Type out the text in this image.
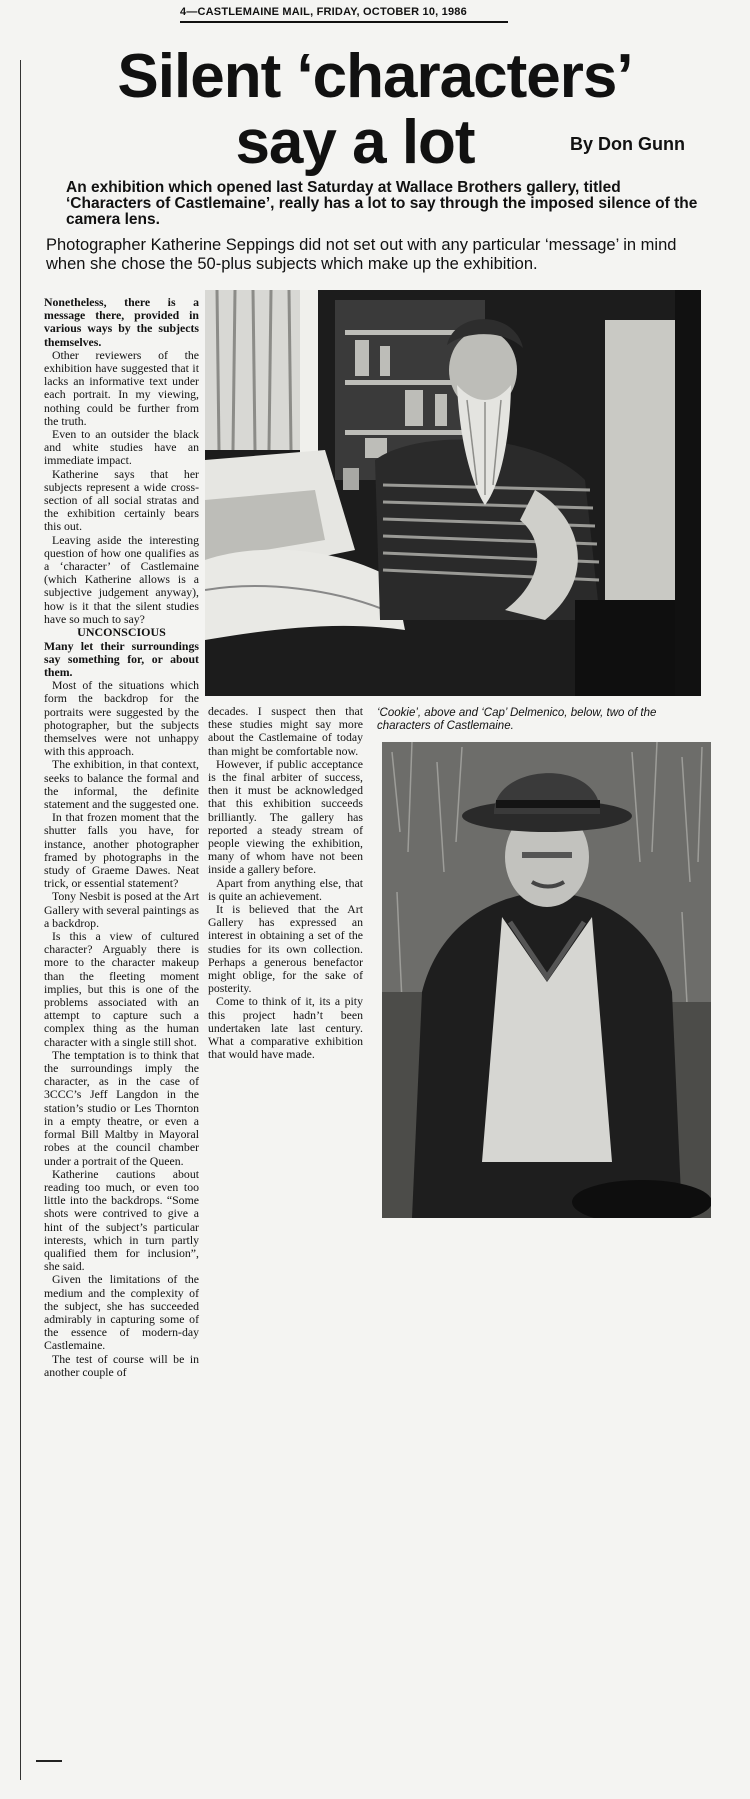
4—CASTLEMAINE MAIL, FRIDAY, OCTOBER 10, 1986
Silent ‘characters’
say a lot	By Don Gunn
An exhibition which opened last Saturday at Wallace Brothers gallery, titled ‘Characters of Castlemaine’, really has a lot to say through the imposed silence of the camera lens.
Photographer Katherine Seppings did not set out with any particular ‘message’ in mind when she chose the 50-plus subjects which make up the exhibition.

Nonetheless, there is a message there, provided in various ways by the subjects themselves.

Other reviewers of the exhibition have suggested that it lacks an informative text under each portrait. In my viewing, nothing could be further from the truth.

Even to an outsider the black and white studies have an immediate impact.

Katherine says that her subjects represent a wide cross-section of all social stratas and the exhibition certainly bears this out.

Leaving aside the interesting question of how one qualifies as a ‘character’ of Castlemaine (which Katherine allows is a subjective judgement anyway), how is it that the silent studies have so much to say?

UNCONSCIOUS

Many let their surroundings say something for, or about them.

Most of the situations which form the backdrop for the portraits were suggested by the photographer, but the subjects themselves were not unhappy with this approach.

The exhibition, in that context, seeks to balance the formal and the informal, the definite statement and the suggested one.

In that frozen moment that the shutter falls you have, for instance, another photographer framed by photographs in the study of Graeme Dawes. Neat trick, or essential statement?

Tony Nesbit is posed at the Art Gallery with several paintings as a backdrop.

Is this a view of cultured character? Arguably there is more to the character makeup than the fleeting moment implies, but this is one of the problems associated with an attempt to capture such a complex thing as the human character with a single still shot.

The temptation is to think that the surroundings imply the character, as in the case of 3CCC’s Jeff Langdon in the station’s studio or Les Thornton in a empty theatre, or even a formal Bill Maltby in Mayoral robes at the council chamber under a portrait of the Queen.

Katherine cautions about reading too much, or even too little into the backdrops. “Some shots were contrived to give a hint of the subject’s particular interests, which in turn partly qualified them for inclusion”, she said.

Given the limitations of the medium and the complexity of the subject, she has succeeded admirably in capturing some of the essence of modern-day Castlemaine.

The test of course will be in another couple of

decades. I suspect then that these studies might say more about the Castlemaine of today than might be comfortable now.

However, if public acceptance is the final arbiter of success, then it must be acknowledged that this exhibition succeeds brilliantly. The gallery has reported a steady stream of people viewing the exhibition, many of whom have not been inside a gallery before.

Apart from anything else, that is quite an achievement.

It is believed that the Art Gallery has expressed an interest in obtaining a set of the studies for its own collection. Perhaps a generous benefactor might oblige, for the sake of posterity.

Come to think of it, its a pity this project hadn’t been undertaken late last century. What a comparative exhibition that would have made.

‘Cookie’, above and ‘Cap’ Delmenico, below, two of the characters of Castlemaine.
